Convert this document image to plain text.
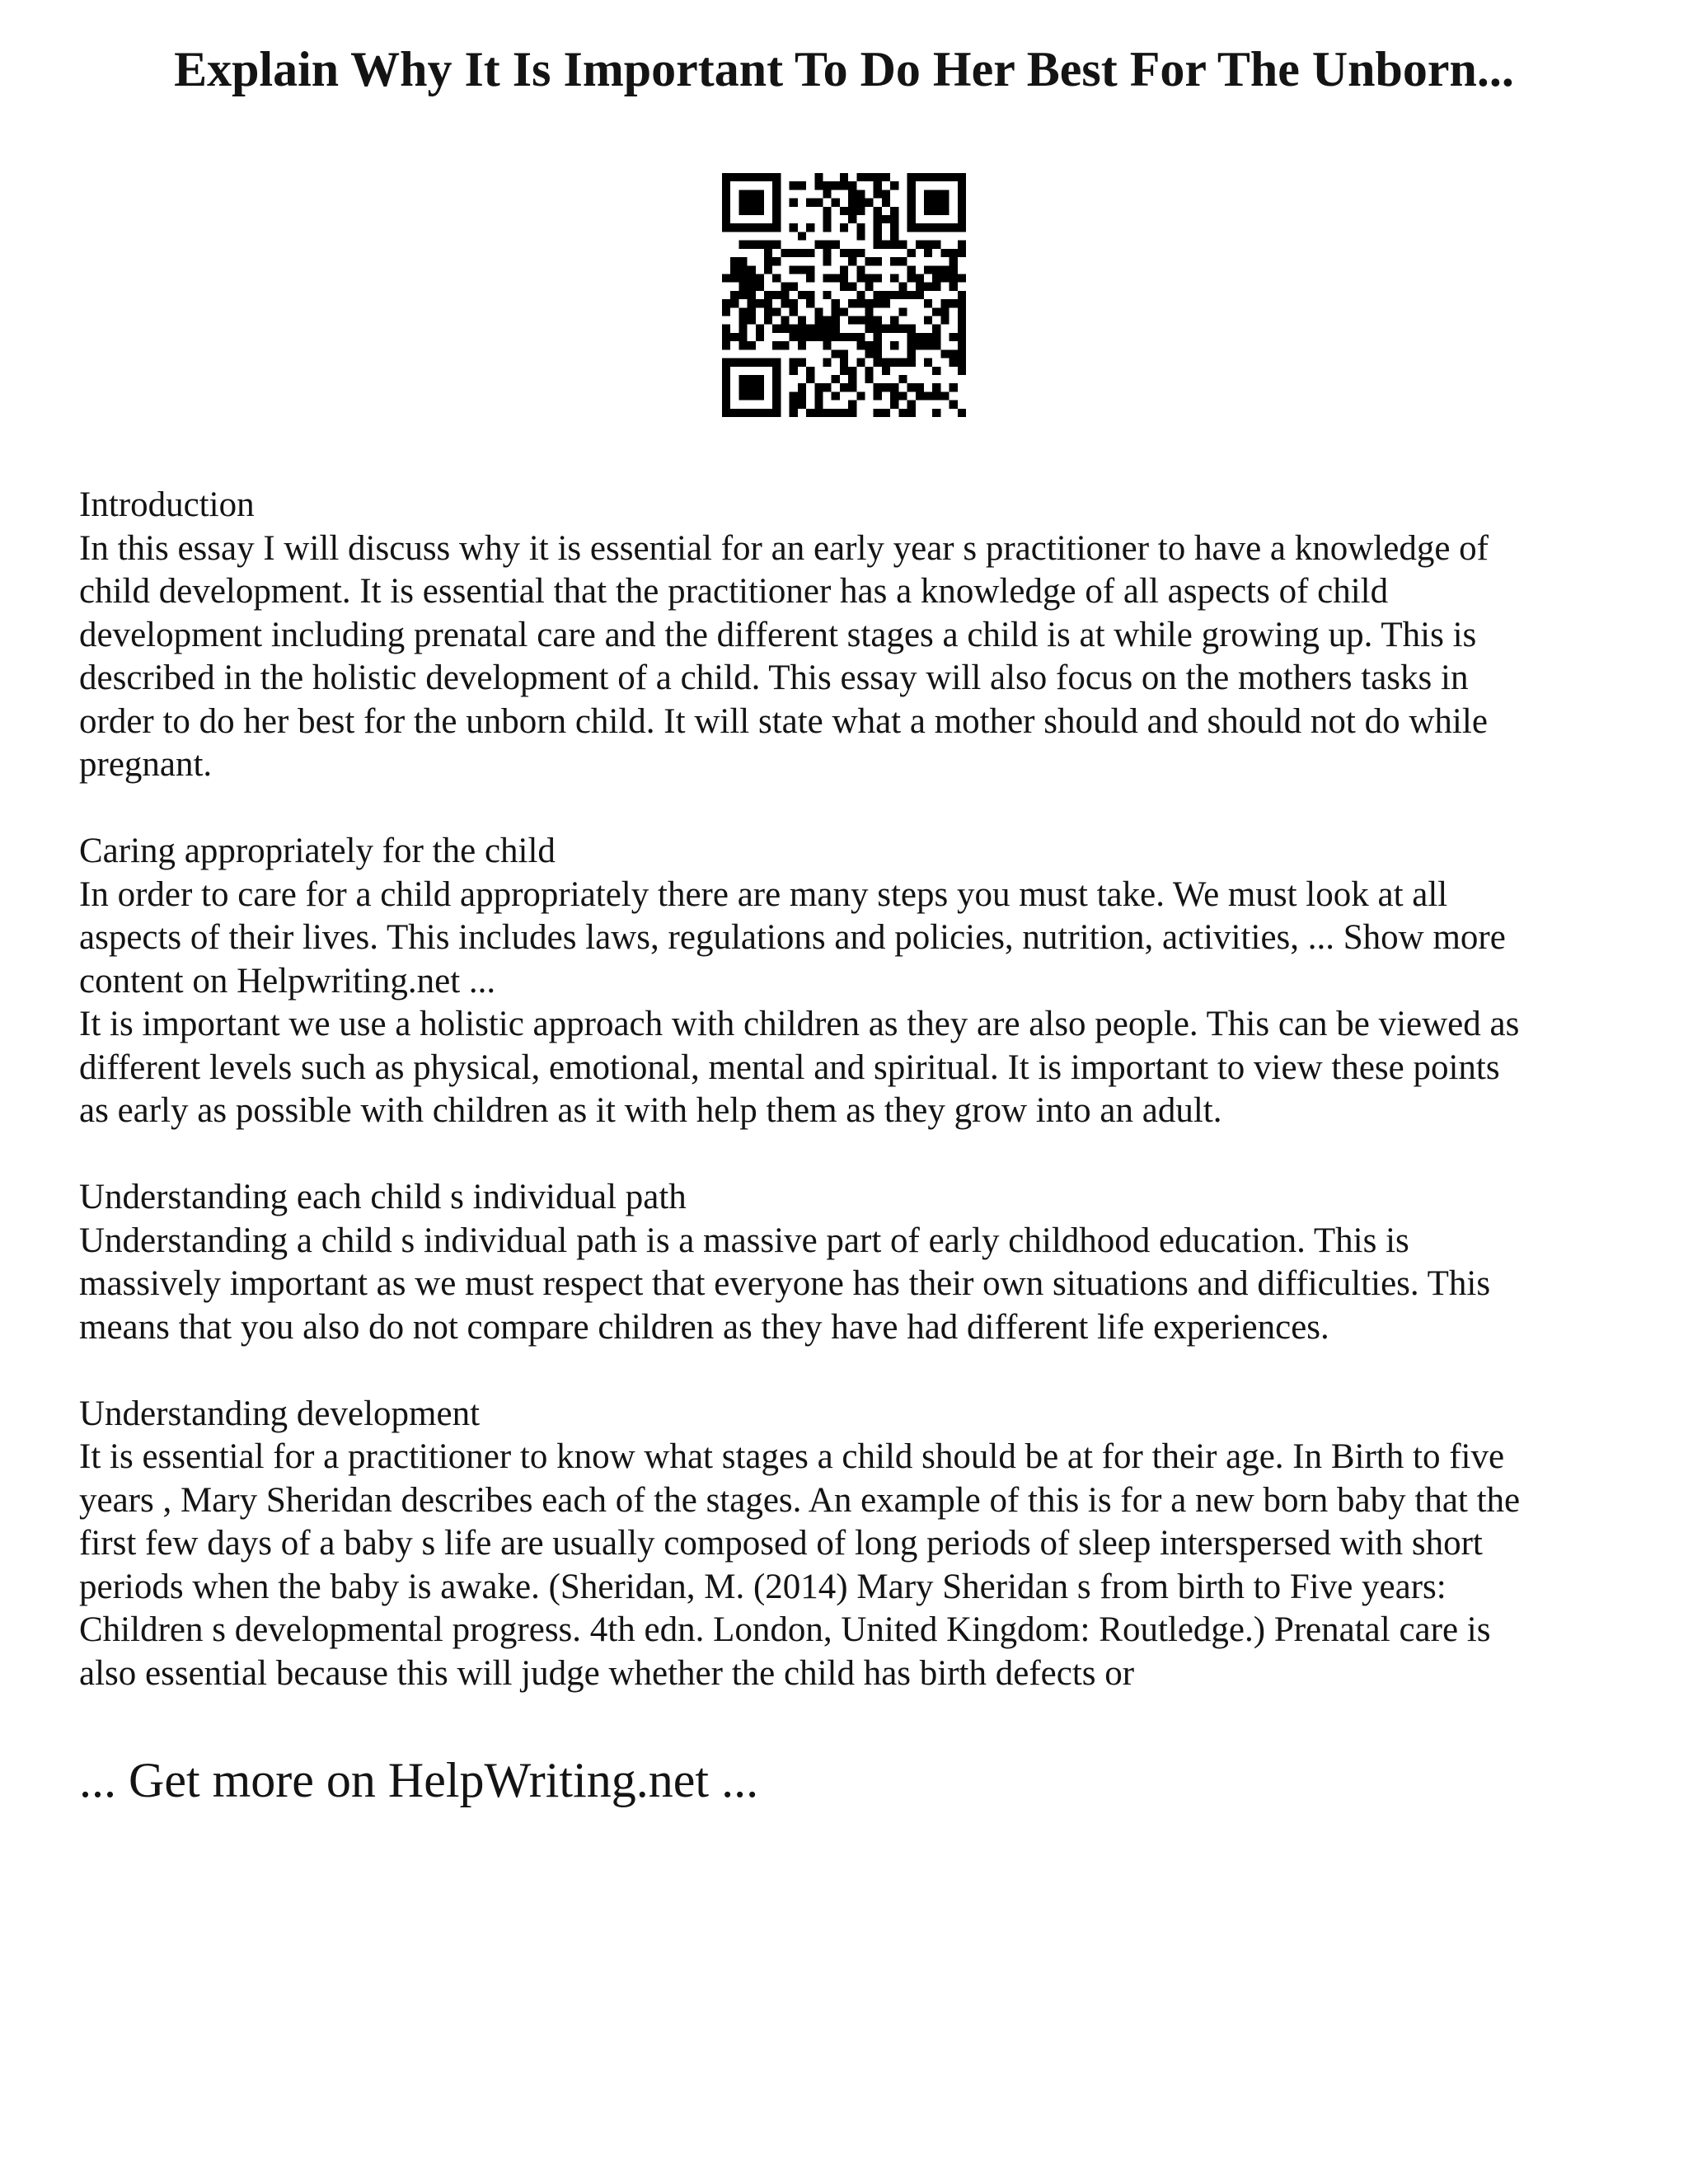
Explain Why It Is Important To Do Her Best For The Unborn...
Introduction
In this essay I will discuss why it is essential for an early year s practitioner to have a knowledge of
child development. It is essential that the practitioner has a knowledge of all aspects of child
development including prenatal care and the different stages a child is at while growing up. This is
described in the holistic development of a child. This essay will also focus on the mothers tasks in
order to do her best for the unborn child. It will state what a mother should and should not do while
pregnant.
Caring appropriately for the child
In order to care for a child appropriately there are many steps you must take. We must look at all
aspects of their lives. This includes laws, regulations and policies, nutrition, activities, ... Show more
content on Helpwriting.net ...
It is important we use a holistic approach with children as they are also people. This can be viewed as
different levels such as physical, emotional, mental and spiritual. It is important to view these points
as early as possible with children as it with help them as they grow into an adult.
Understanding each child s individual path
Understanding a child s individual path is a massive part of early childhood education. This is
massively important as we must respect that everyone has their own situations and difficulties. This
means that you also do not compare children as they have had different life experiences.
Understanding development
It is essential for a practitioner to know what stages a child should be at for their age. In Birth to five
years , Mary Sheridan describes each of the stages. An example of this is for a new born baby that the
first few days of a baby s life are usually composed of long periods of sleep interspersed with short
periods when the baby is awake. (Sheridan, M. (2014) Mary Sheridan s from birth to Five years:
Children s developmental progress. 4th edn. London, United Kingdom: Routledge.) Prenatal care is
also essential because this will judge whether the child has birth defects or
... Get more on HelpWriting.net ...
